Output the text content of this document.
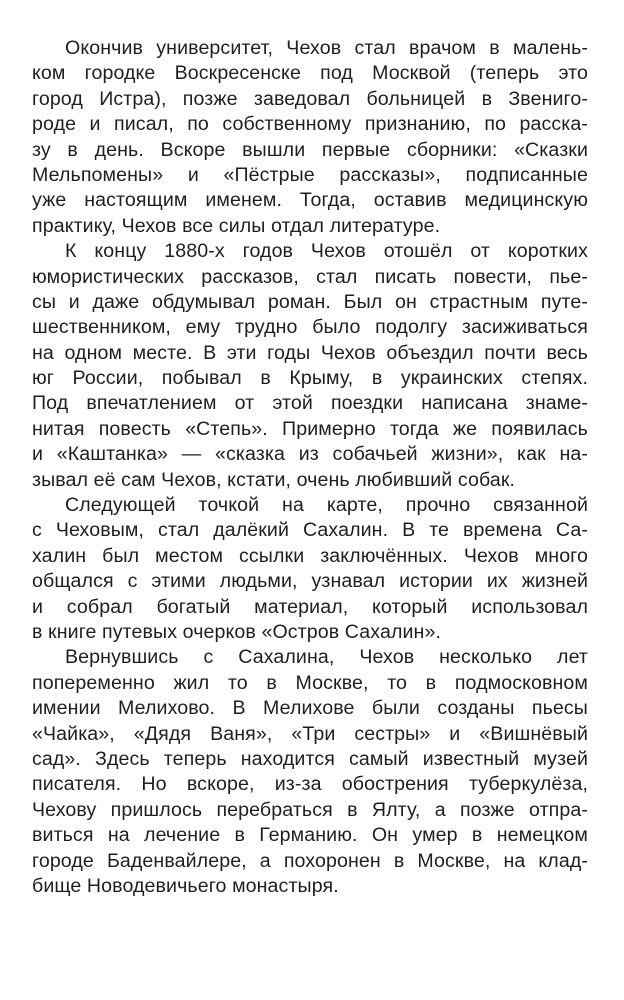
Окончив университет, Чехов стал врачом в малень-
ком городке Воскресенске под Москвой (теперь это
город Истра), позже заведовал больницей в Звениго-
роде и писал, по собственному признанию, по расска-
зу в день. Вскоре вышли первые сборники: «Сказки
Мельпомены» и «Пёстрые рассказы», подписанные
уже настоящим именем. Тогда, оставив медицинскую
практику, Чехов все силы отдал литературе.
К концу 1880-х годов Чехов отошёл от коротких
юмористических рассказов, стал писать повести, пье-
сы и даже обдумывал роман. Был он страстным путе-
шественником, ему трудно было подолгу засиживаться
на одном месте. В эти годы Чехов объездил почти весь
юг России, побывал в Крыму, в украинских степях.
Под впечатлением от этой поездки написана знаме-
нитая повесть «Степь». Примерно тогда же появилась
и «Каштанка» — «сказка из собачьей жизни», как на-
зывал её сам Чехов, кстати, очень любивший собак.
Следующей точкой на карте, прочно связанной
с Чеховым, стал далёкий Сахалин. В те времена Са-
халин был местом ссылки заключённых. Чехов много
общался с этими людьми, узнавал истории их жизней
и собрал богатый материал, который использовал
в книге путевых очерков «Остров Сахалин».
Вернувшись с Сахалина, Чехов несколько лет
попеременно жил то в Москве, то в подмосковном
имении Мелихово. В Мелихове были созданы пьесы
«Чайка», «Дядя Ваня», «Три сестры» и «Вишнёвый
сад». Здесь теперь находится самый известный музей
писателя. Но вскоре, из-за обострения туберкулёза,
Чехову пришлось перебраться в Ялту, а позже отпра-
виться на лечение в Германию. Он умер в немецком
городе Баденвайлере, а похоронен в Москве, на клад-
бище Новодевичьего монастыря.
